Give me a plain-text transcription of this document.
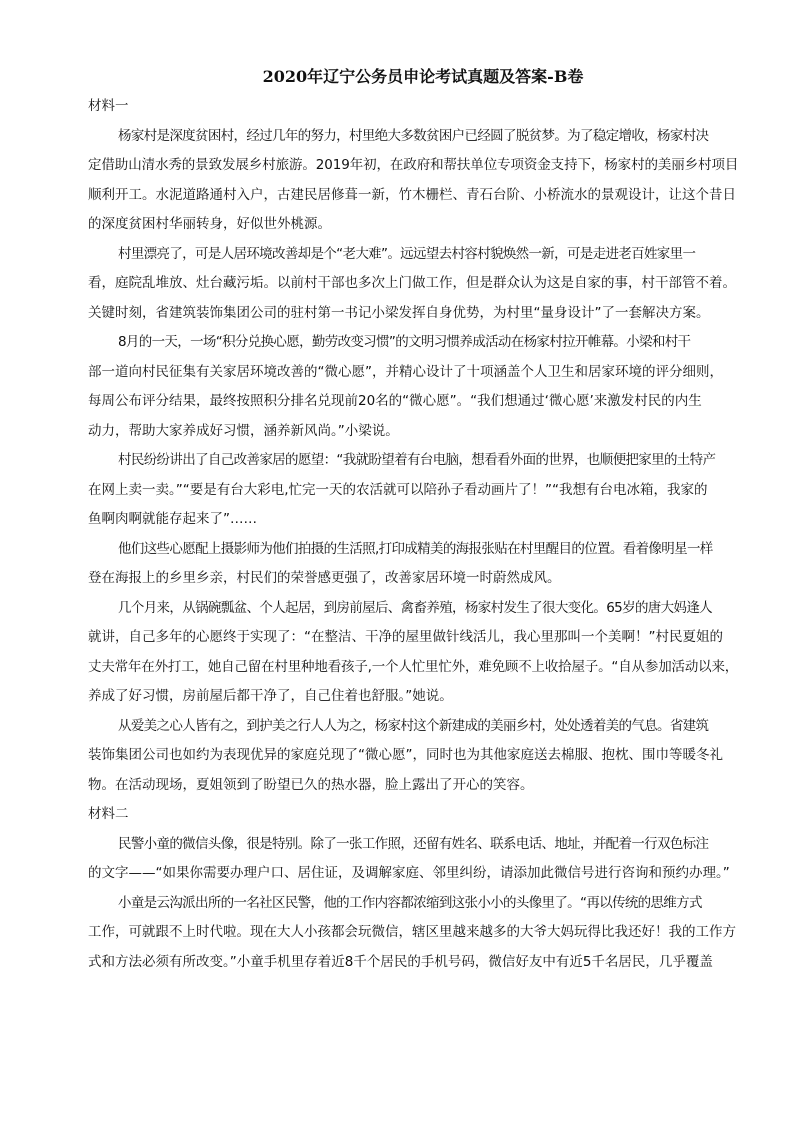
2020年辽宁公务员申论考试真题及答案-B卷

材料一

杨家村是深度贫困村，经过几年的努力，村里绝大多数贫困户已经圆了脱贫梦。为了稳定增收，杨家村决
定借助山清水秀的景致发展乡村旅游。2019年初，在政府和帮扶单位专项资金支持下，杨家村的美丽乡村项目
顺利开工。水泥道路通村入户，古建民居修葺一新，竹木栅栏、青石台阶、小桥流水的景观设计，让这个昔日
的深度贫困村华丽转身，好似世外桃源。
村里漂亮了，可是人居环境改善却是个“老大难”。远远望去村容村貌焕然一新，可是走进老百姓家里一
看，庭院乱堆放、灶台藏污垢。以前村干部也多次上门做工作，但是群众认为这是自家的事，村干部管不着。
关键时刻，省建筑装饰集团公司的驻村第一书记小梁发挥自身优势，为村里“量身设计”了一套解决方案。
8月的一天，一场“积分兑换心愿，勤劳改变习惯”的文明习惯养成活动在杨家村拉开帷幕。小梁和村干
部一道向村民征集有关家居环境改善的“微心愿”，并精心设计了十项涵盖个人卫生和居家环境的评分细则，
每周公布评分结果，最终按照积分排名兑现前20名的“微心愿”。“我们想通过‘微心愿’来激发村民的内生
动力，帮助大家养成好习惯，涵养新风尚。”小梁说。
村民纷纷讲出了自己改善家居的愿望：“我就盼望着有台电脑，想看看外面的世界，也顺便把家里的土特产
在网上卖一卖。”“要是有台大彩电,忙完一天的农活就可以陪孙子看动画片了！”“我想有台电冰箱，我家的
鱼啊肉啊就能存起来了”……
他们这些心愿配上摄影师为他们拍摄的生活照,打印成精美的海报张贴在村里醒目的位置。看着像明星一样
登在海报上的乡里乡亲，村民们的荣誉感更强了，改善家居环境一时蔚然成风。
几个月来，从锅碗瓢盆、个人起居，到房前屋后、禽畜养殖，杨家村发生了很大变化。65岁的唐大妈逢人
就讲，自己多年的心愿终于实现了：“在整洁、干净的屋里做针线活儿，我心里那叫一个美啊！”村民夏姐的
丈夫常年在外打工，她自己留在村里种地看孩子,一个人忙里忙外，难免顾不上收拾屋子。“自从参加活动以来，
养成了好习惯，房前屋后都干净了，自己住着也舒服。”她说。
从爱美之心人皆有之，到护美之行人人为之，杨家村这个新建成的美丽乡村，处处透着美的气息。省建筑
装饰集团公司也如约为表现优异的家庭兑现了“微心愿”，同时也为其他家庭送去棉服、抱枕、围巾等暖冬礼
物。在活动现场，夏姐领到了盼望已久的热水器，脸上露出了开心的笑容。

材料二

民警小童的微信头像，很是特别。除了一张工作照，还留有姓名、联系电话、地址，并配着一行双色标注
的文字——“如果你需要办理户口、居住证，及调解家庭、邻里纠纷，请添加此微信号进行咨询和预约办理。”
小童是云沟派出所的一名社区民警，他的工作内容都浓缩到这张小小的头像里了。“再以传统的思维方式
工作，可就跟不上时代啦。现在大人小孩都会玩微信，辖区里越来越多的大爷大妈玩得比我还好！我的工作方
式和方法必须有所改变。”小童手机里存着近8千个居民的手机号码，微信好友中有近5千名居民，几乎覆盖
